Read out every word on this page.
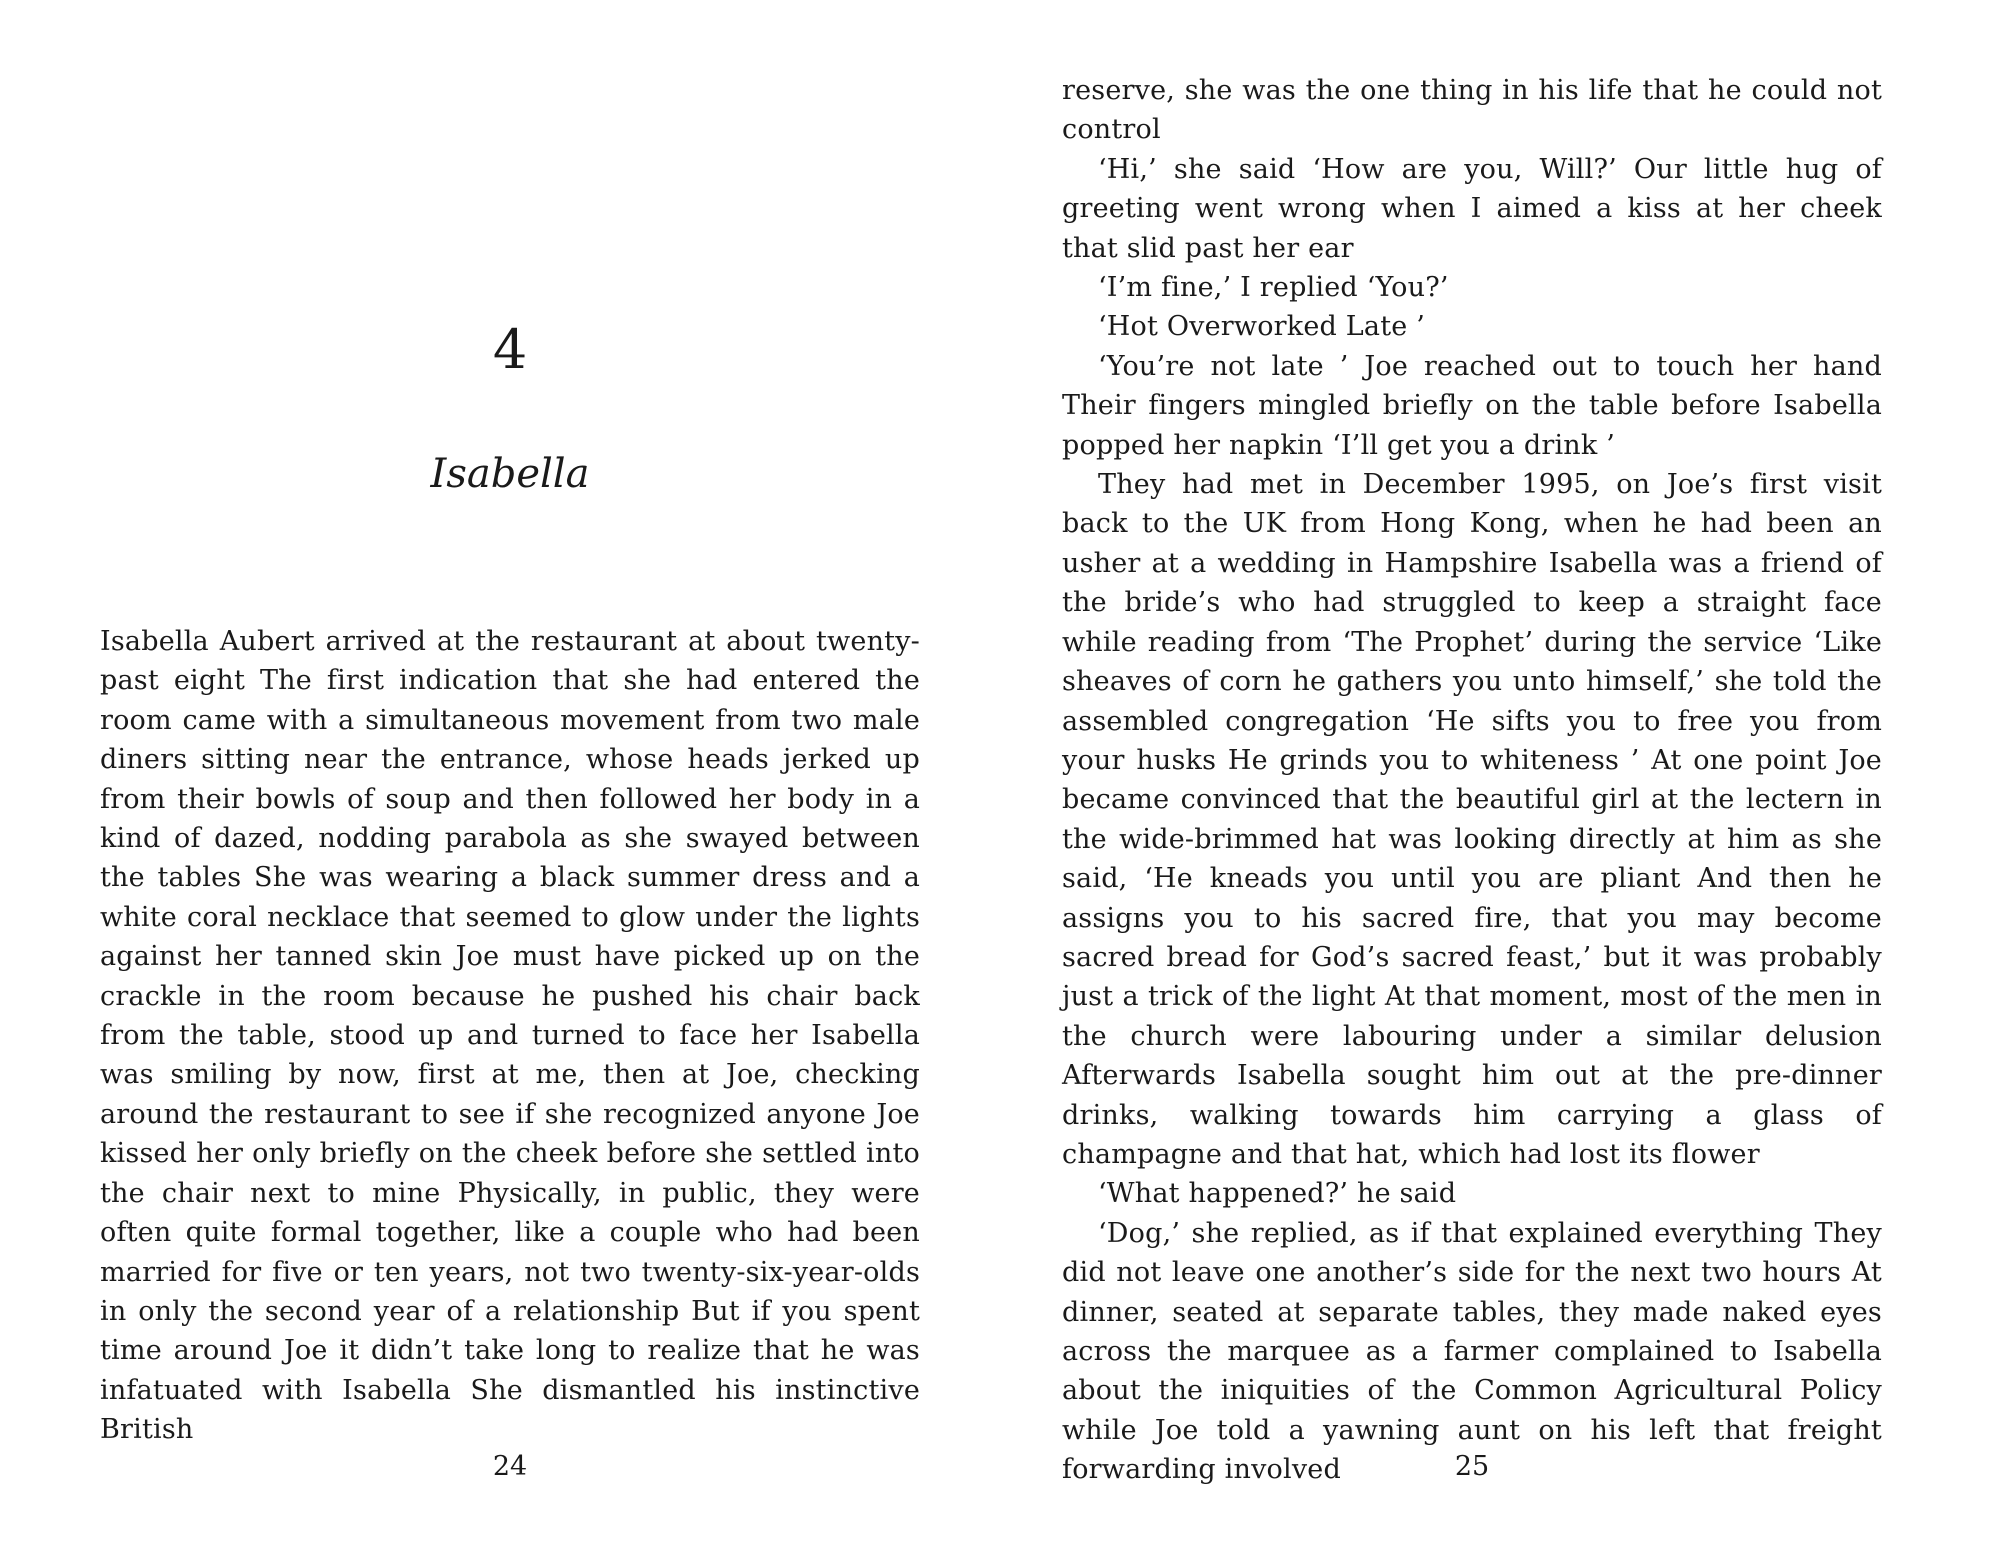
4
Isabella

Isabella Aubert arrived at the restaurant at about twenty-past eight The first indication that she had entered the room came with a simultaneous movement from two male diners sitting near the entrance, whose heads jerked up from their bowls of soup and then followed her body in a kind of dazed, nodding parabola as she swayed between the tables She was wearing a black summer dress and a white coral necklace that seemed to glow under the lights against her tanned skin Joe must have picked up on the crackle in the room because he pushed his chair back from the table, stood up and turned to face her Isabella was smiling by now, first at me, then at Joe, checking around the restaurant to see if she recognized anyone Joe kissed her only briefly on the cheek before she settled into the chair next to mine Physically, in public, they were often quite formal together, like a couple who had been married for five or ten years, not two twenty-six-year-olds in only the second year of a relationship But if you spent time around Joe it didn’t take long to realize that he was infatuated with Isabella She dismantled his instinctive British

24

reserve, she was the one thing in his life that he could not control

‘Hi,’ she said ‘How are you, Will?’ Our little hug of greeting went wrong when I aimed a kiss at her cheek that slid past her ear

‘I’m fine,’ I replied ‘You?’

‘Hot Overworked Late ’

‘You’re not late ’ Joe reached out to touch her hand Their fingers mingled briefly on the table before Isabella popped her napkin ‘I’ll get you a drink ’

They had met in December 1995, on Joe’s first visit back to the UK from Hong Kong, when he had been an usher at a wedding in Hampshire Isabella was a friend of the bride’s who had struggled to keep a straight face while reading from ‘The Prophet’ during the service ‘Like sheaves of corn he gathers you unto himself,’ she told the assembled congregation ‘He sifts you to free you from your husks He grinds you to whiteness ’ At one point Joe became convinced that the beautiful girl at the lectern in the wide-brimmed hat was looking directly at him as she said, ‘He kneads you until you are pliant And then he assigns you to his sacred fire, that you may become sacred bread for God’s sacred feast,’ but it was probably just a trick of the light At that moment, most of the men in the church were labouring under a similar delusion Afterwards Isabella sought him out at the pre-dinner drinks, walking towards him carrying a glass of champagne and that hat, which had lost its flower

‘What happened?’ he said

‘Dog,’ she replied, as if that explained everything They did not leave one another’s side for the next two hours At dinner, seated at separate tables, they made naked eyes across the marquee as a farmer complained to Isabella about the iniquities of the Common Agricultural Policy while Joe told a yawning aunt on his left that freight forwarding involved	25
